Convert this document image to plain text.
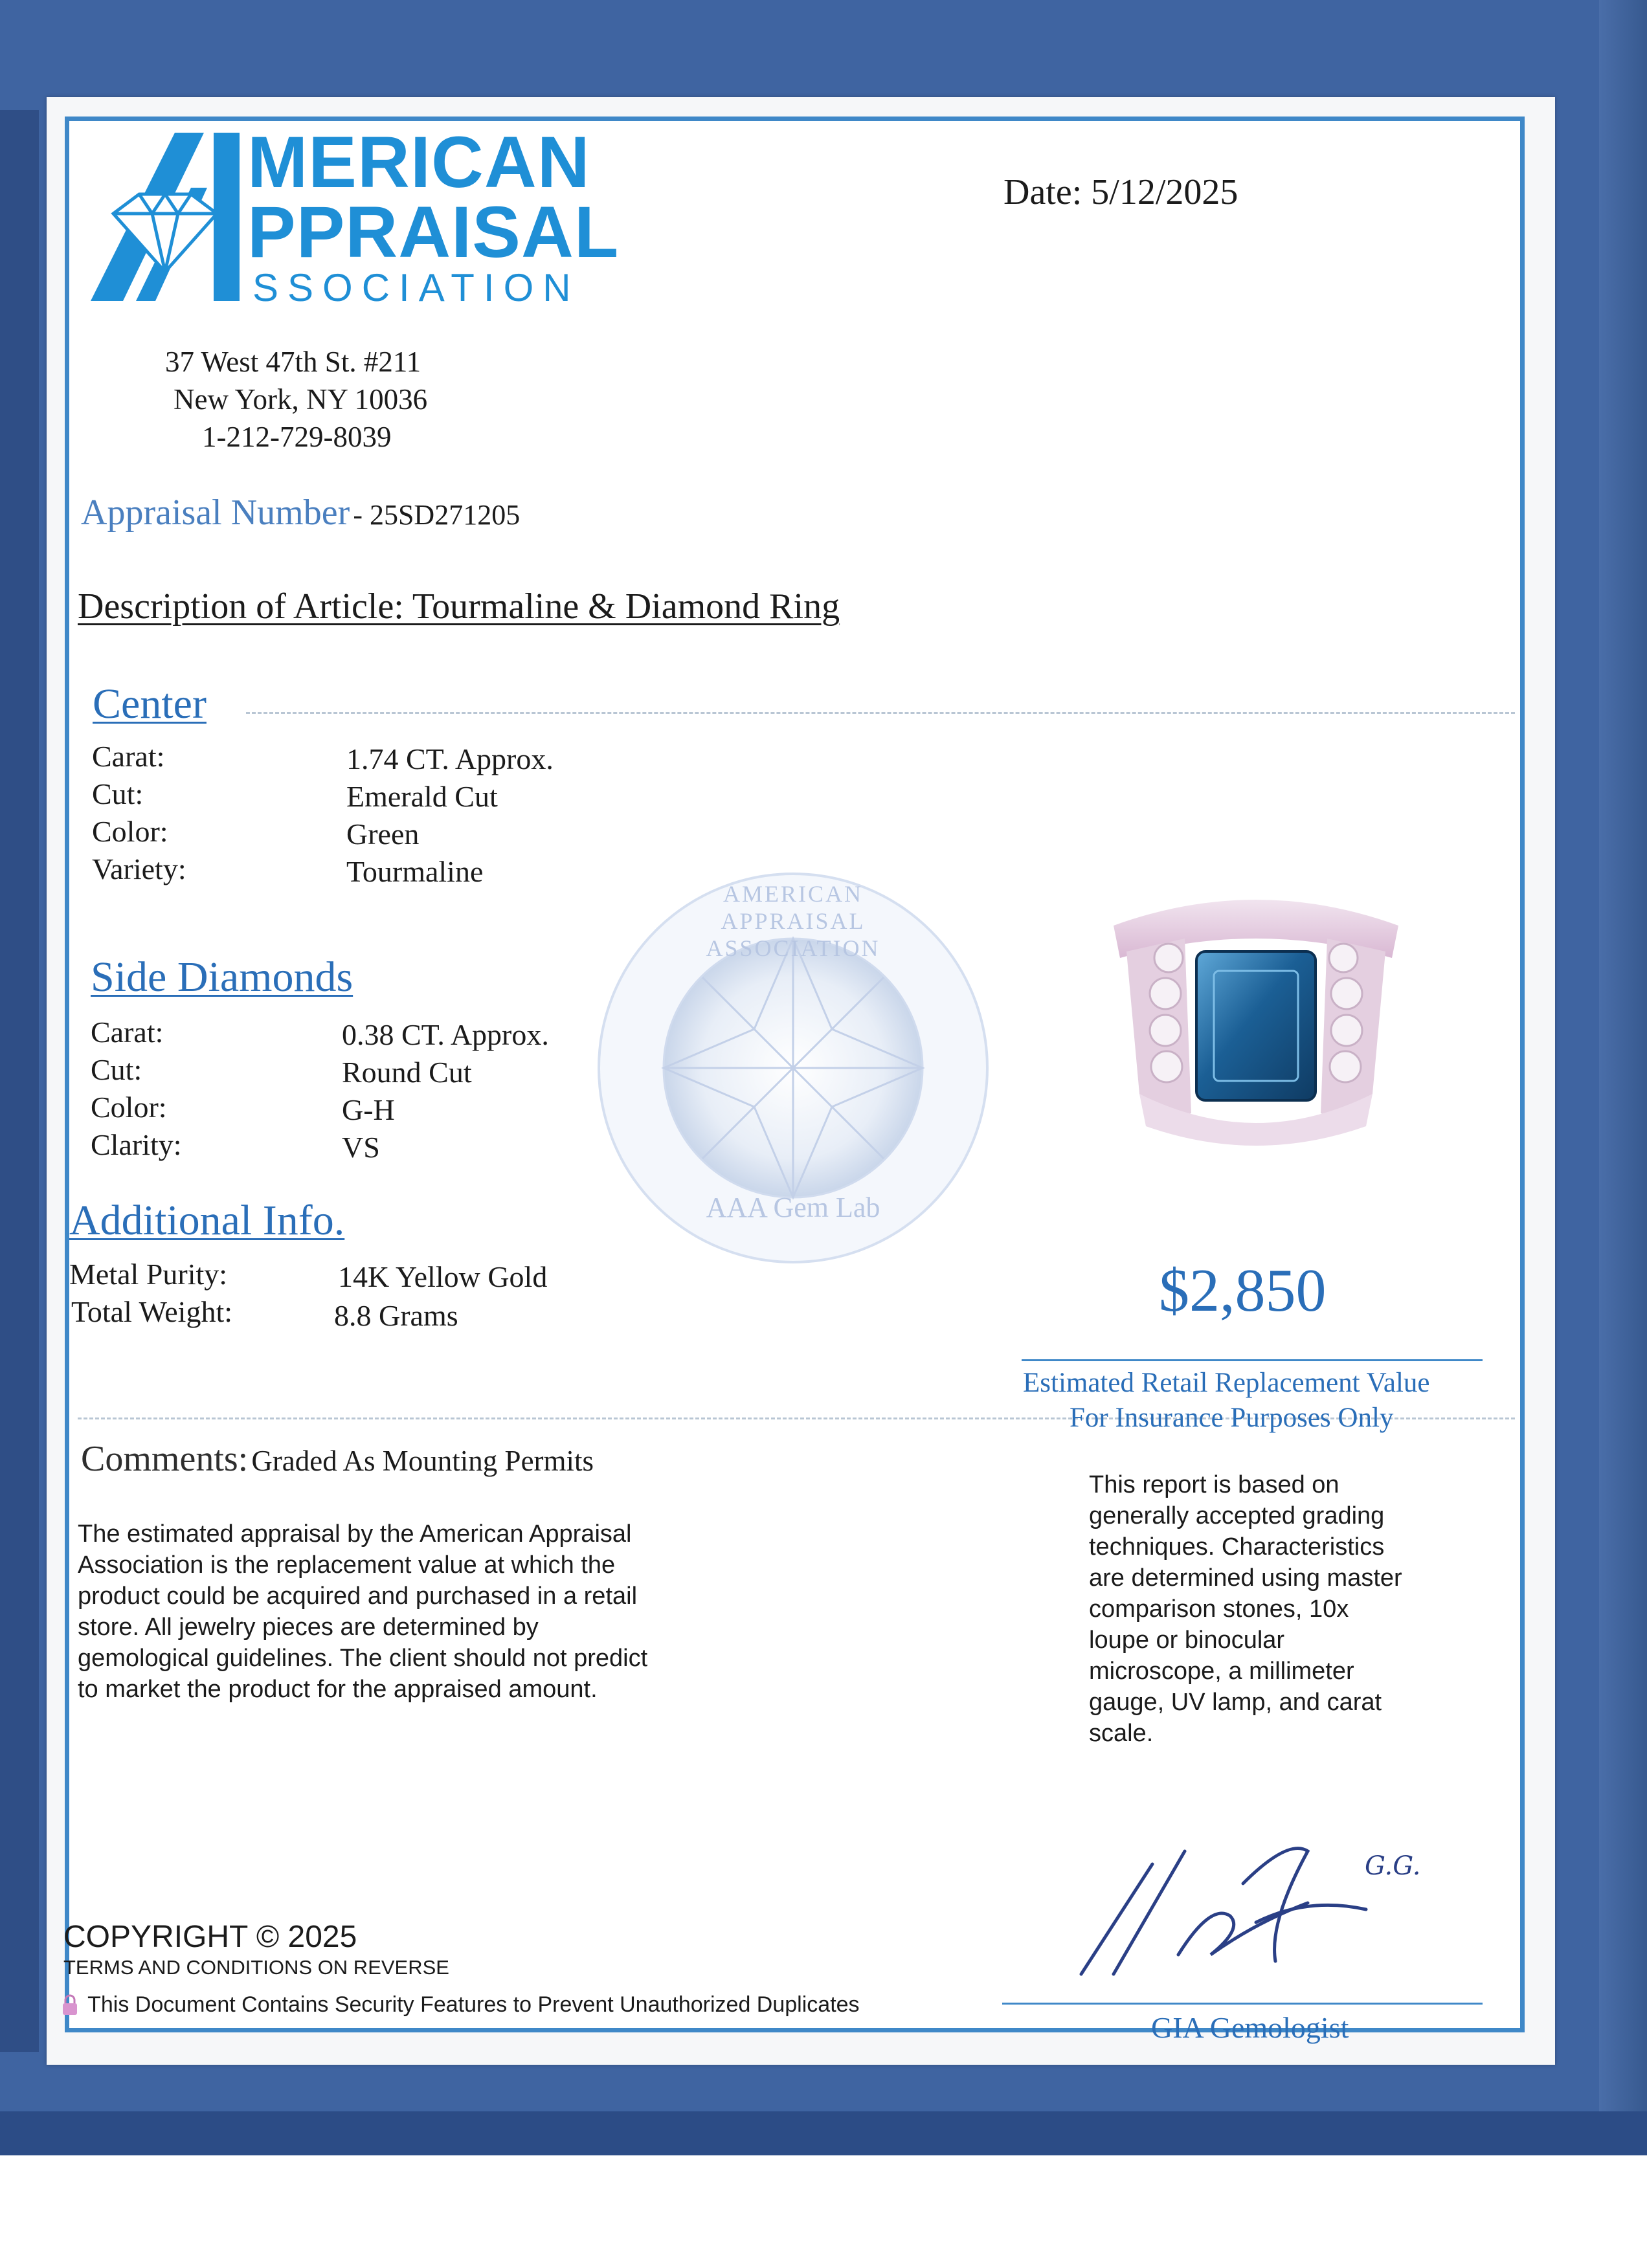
MERICAN
PPRAISAL
SSOCIATION
Date: 5/12/2025
37 West 47th St. #211
New York, NY 10036
1-212-729-8039
Appraisal Number - 25SD271205
Description of Article: Tourmaline & Diamond Ring
Center
Carat:	1.74 CT. Approx.
Cut:	Emerald Cut
Color:	Green
Variety:	Tourmaline
Side Diamonds
Carat:	0.38 CT. Approx.
Cut:	Round Cut
Color:	G-H
Clarity:	VS
Additional Info.
Metal Purity:	14K Yellow Gold
Total Weight:	8.8 Grams
AMERICAN APPRAISAL ASSOCIATION
AAA Gem Lab
$2,850
Estimated Retail Replacement Value
For Insurance Purposes Only
Comments: Graded As Mounting Permits
The estimated appraisal by the American Appraisal
Association is the replacement value at which the
product could be acquired and purchased in a retail
store. All jewelry pieces are determined by
gemological guidelines. The client should not predict
to market the product for the appraised amount.
This report is based on
generally accepted grading
techniques. Characteristics
are determined using master
comparison stones, 10x
loupe or binocular
microscope, a millimeter
gauge, UV lamp, and carat
scale.
G.G.
GIA Gemologist
COPYRIGHT © 2025
TERMS AND CONDITIONS ON REVERSE
This Document Contains Security Features to Prevent Unauthorized Duplicates
